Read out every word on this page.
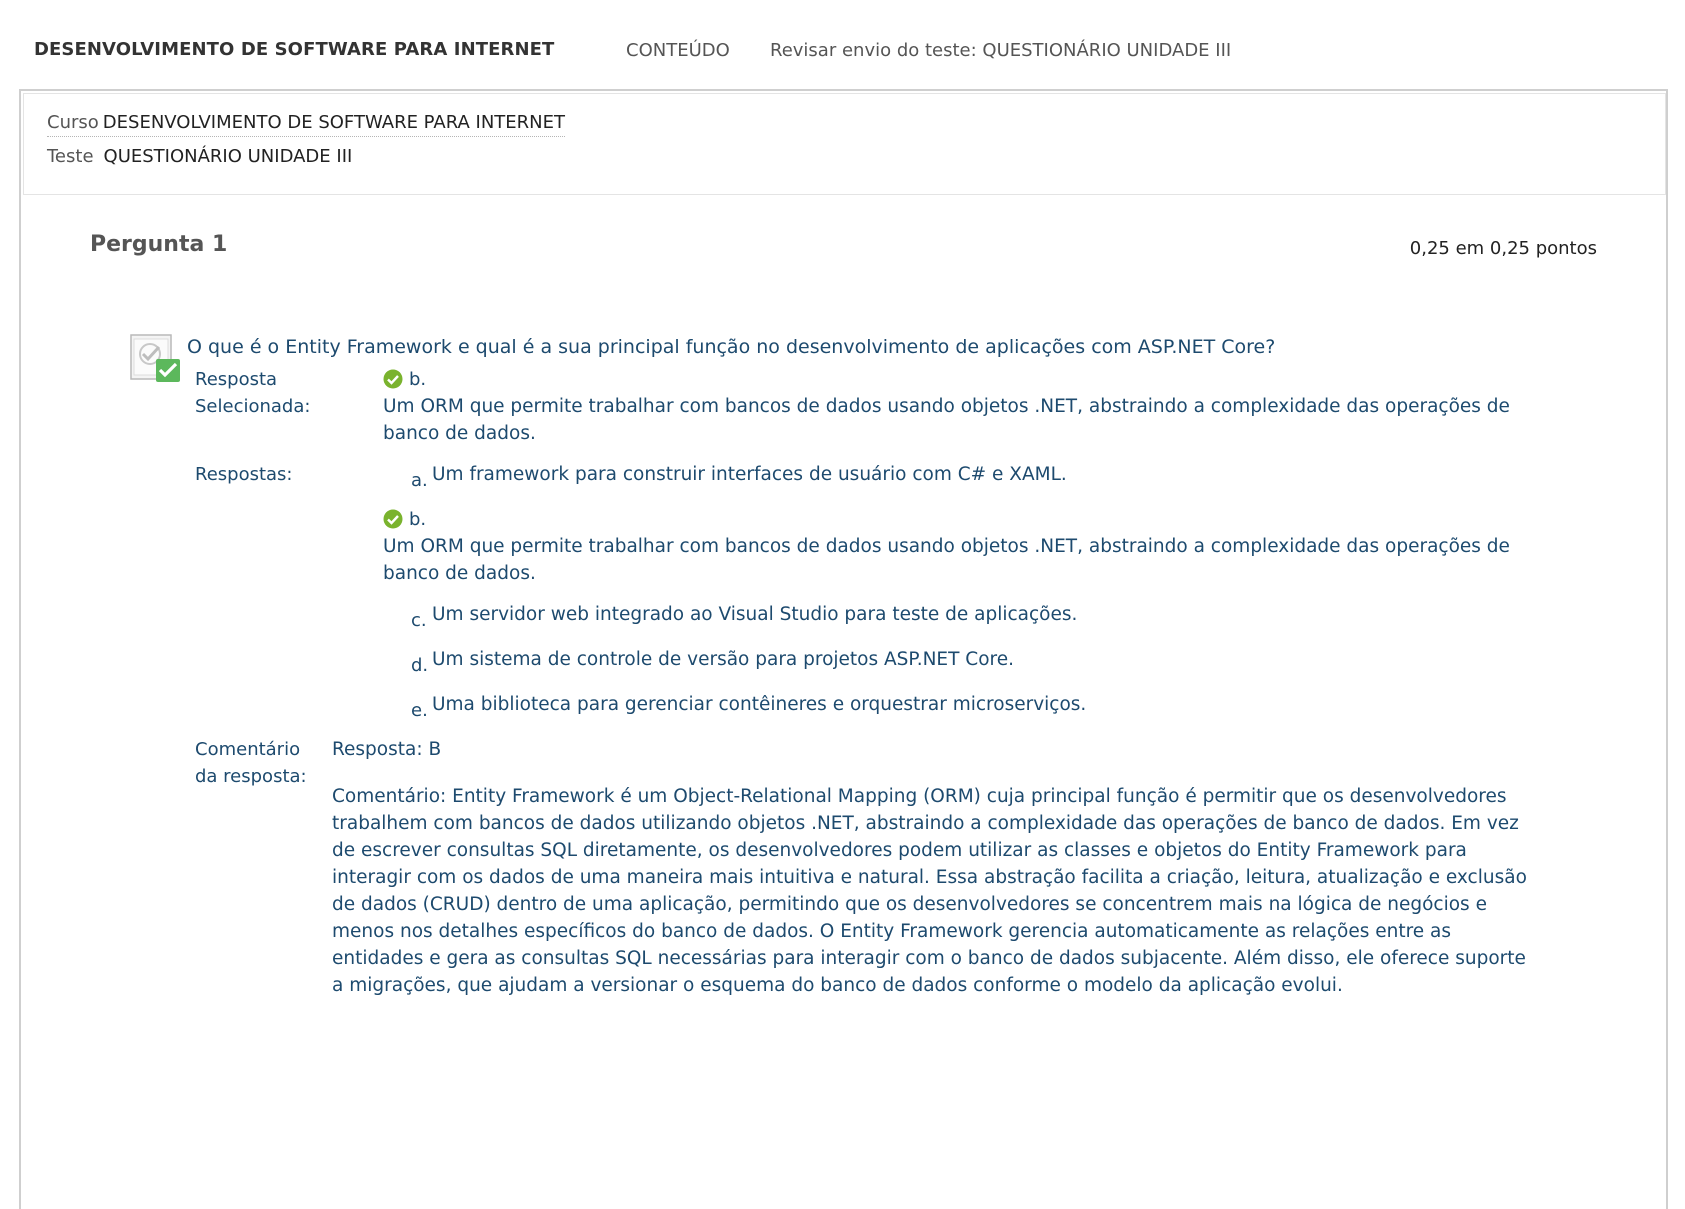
DESENVOLVIMENTO DE SOFTWARE PARA INTERNET	CONTEÚDO Revisar envio do teste: QUESTIONÁRIO UNIDADE III
Curso DESENVOLVIMENTO DE SOFTWARE PARA INTERNET
Teste QUESTIONÁRIO UNIDADE III
Pergunta 1	0,25 em 0,25 pontos
O que é o Entity Framework e qual é a sua principal função no desenvolvimento de aplicações com ASP.NET Core?
Resposta
Selecionada:
b.
Um ORM que permite trabalhar com bancos de dados usando objetos .NET, abstraindo a complexidade das operações de
banco de dados.
Respostas:	a. Um framework para construir interfaces de usuário com C# e XAML.
b.
Um ORM que permite trabalhar com bancos de dados usando objetos .NET, abstraindo a complexidade das operações de
banco de dados.
c. Um servidor web integrado ao Visual Studio para teste de aplicações.
d. Um sistema de controle de versão para projetos ASP.NET Core.
e. Uma biblioteca para gerenciar contêineres e orquestrar microserviços.
Comentário
da resposta:

Resposta: B

Comentário: Entity Framework é um Object-Relational Mapping (ORM) cuja principal função é permitir que os desenvolvedores trabalhem com bancos de dados utilizando objetos .NET, abstraindo a complexidade das operações de banco de dados. Em vez de escrever consultas SQL diretamente, os desenvolvedores podem utilizar as classes e objetos do Entity Framework para interagir com os dados de uma maneira mais intuitiva e natural. Essa abstração facilita a criação, leitura, atualização e exclusão de dados (CRUD) dentro de uma aplicação, permitindo que os desenvolvedores se concentrem mais na lógica de negócios e menos nos detalhes específicos do banco de dados. O Entity Framework gerencia automaticamente as relações entre as entidades e gera as consultas SQL necessárias para interagir com o banco de dados subjacente. Além disso, ele oferece suporte a migrações, que ajudam a versionar o esquema do banco de dados conforme o modelo da aplicação evolui.
